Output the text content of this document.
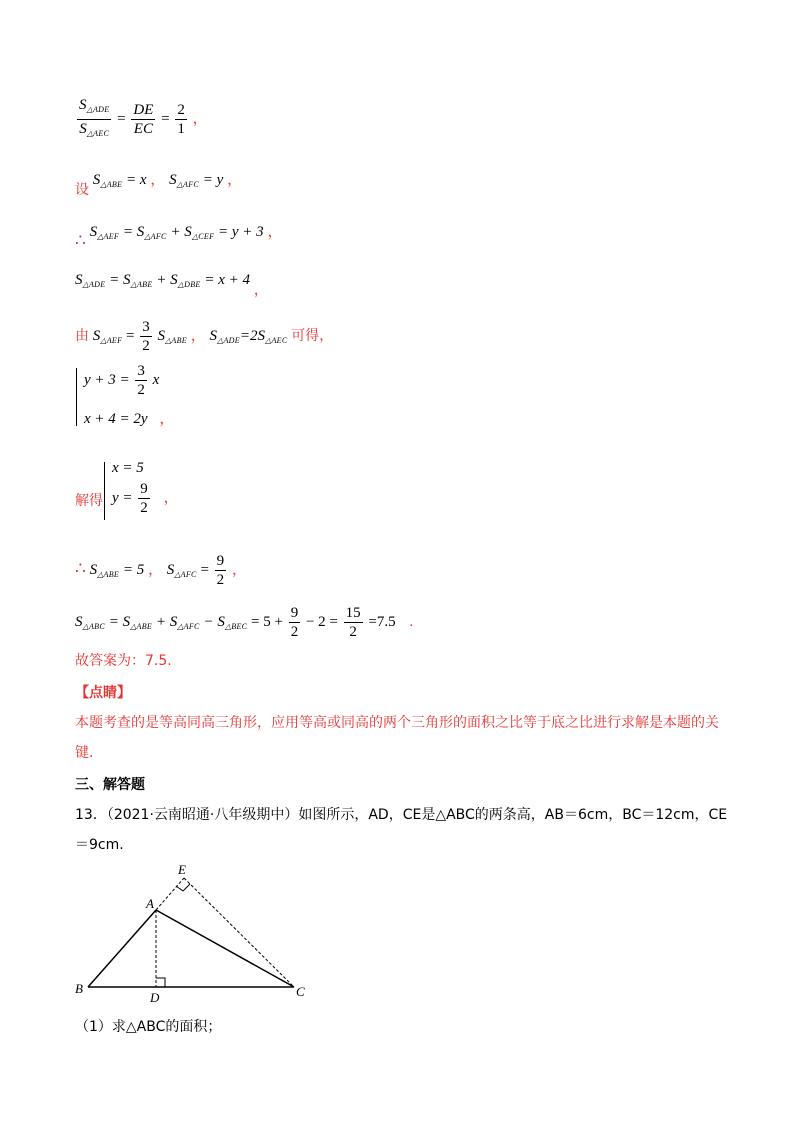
$\frac{S_{\triangle ADE}}{S_{\triangle AEC}} = \frac{DE}{EC} = \frac{2}{1}$ ，
设 $S_{\triangle ABE} = x$ ， $S_{\triangle AFC} = y$ ，
∴ $S_{\triangle AEF} = S_{\triangle AFC} + S_{\triangle CEF} = y + 3$ ，
$S_{\triangle ADE} = S_{\triangle ABE} + S_{\triangle DBE} = x + 4$ ，
由 $S_{\triangle AEF} = \frac{3}{2} S_{\triangle ABE}$ ， $S_{\triangle ADE}=2S_{\triangle AEC}$ 可得，
$y + 3 = \frac{3}{2}$ x
x + 4 = 2y ，
解得
x = 5
$y = \frac{9}{2}$ ，
∴ $S_{\triangle ABE} = 5$ ， $S_{\triangle AFC} = \frac{9}{2}$ ，
$S_{\triangle ABC} = S_{\triangle ABE} + S_{\triangle AFC} - S_{\triangle BEC} = 5 + \frac{9}{2} - 2 = \frac{15}{2} =7.5$ .
故答案为：7.5.
【点睛】
本题考查的是等高同高三角形，应用等高或同高的两个三角形的面积之比等于底之比进行求解是本题的关键.
三、解答题
13．（2021·云南昭通·八年级期中）如图所示，AD，CE是△ABC的两条高，AB＝6cm，BC＝12cm，CE＝9cm.
A
B	C
D
E
（1）求△ABC的面积；
